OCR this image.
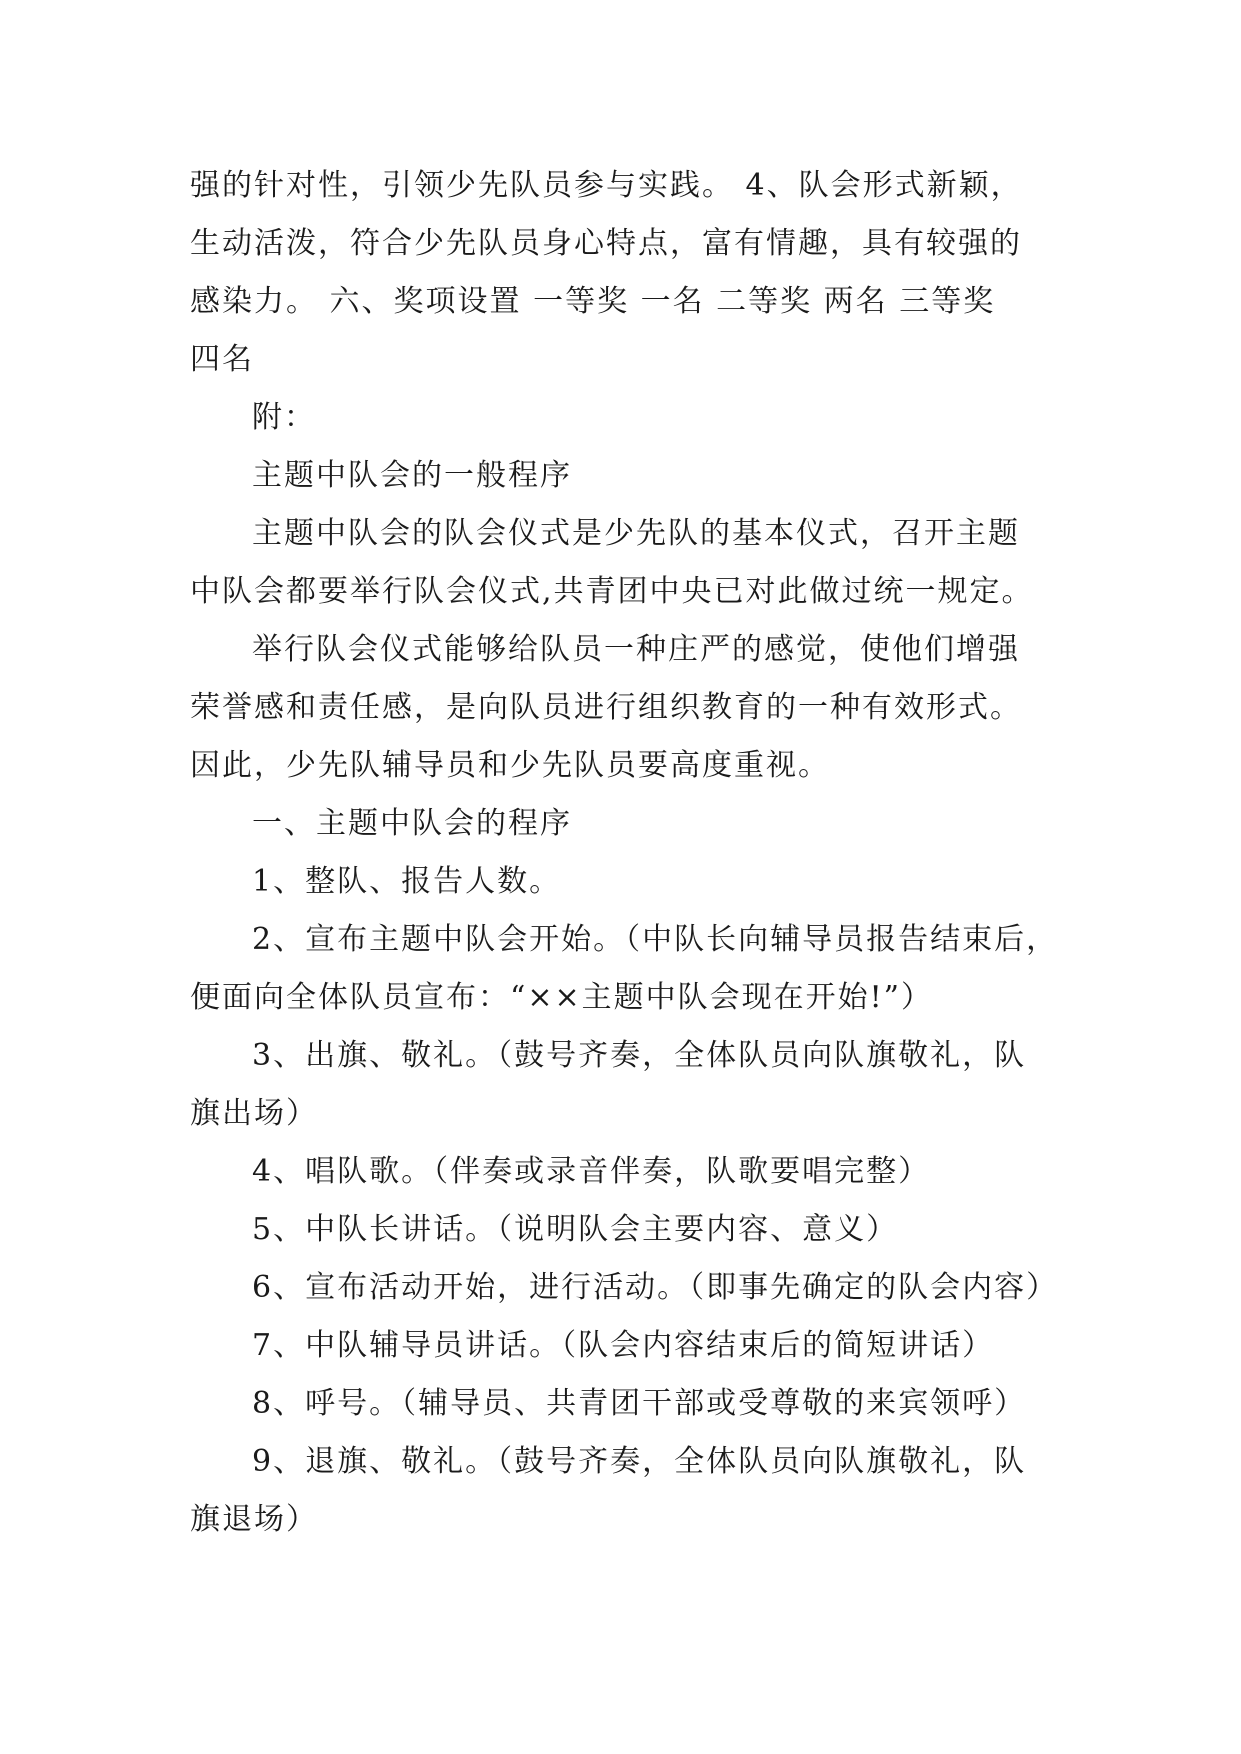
强的针对性，引领少先队员参与实践。 4、队会形式新颖，
生动活泼，符合少先队员身心特点，富有情趣，具有较强的
感染力。 六、奖项设置 一等奖 一名 二等奖 两名 三等奖
四名
附：
主题中队会的一般程序
主题中队会的队会仪式是少先队的基本仪式，召开主题
中队会都要举行队会仪式,共青团中央已对此做过统一规定。
举行队会仪式能够给队员一种庄严的感觉，使他们增强
荣誉感和责任感，是向队员进行组织教育的一种有效形式。
因此，少先队辅导员和少先队员要高度重视。
一、主题中队会的程序
1、整队、报告人数。
2、宣布主题中队会开始。（中队长向辅导员报告结束后，
便面向全体队员宣布：“××主题中队会现在开始!”）
3、出旗、敬礼。（鼓号齐奏，全体队员向队旗敬礼，队
旗出场）
4、唱队歌。（伴奏或录音伴奏，队歌要唱完整）
5、中队长讲话。（说明队会主要内容、意义）
6、宣布活动开始，进行活动。（即事先确定的队会内容）
7、中队辅导员讲话。（队会内容结束后的简短讲话）
8、呼号。（辅导员、共青团干部或受尊敬的来宾领呼）
9、退旗、敬礼。（鼓号齐奏，全体队员向队旗敬礼，队
旗退场）
